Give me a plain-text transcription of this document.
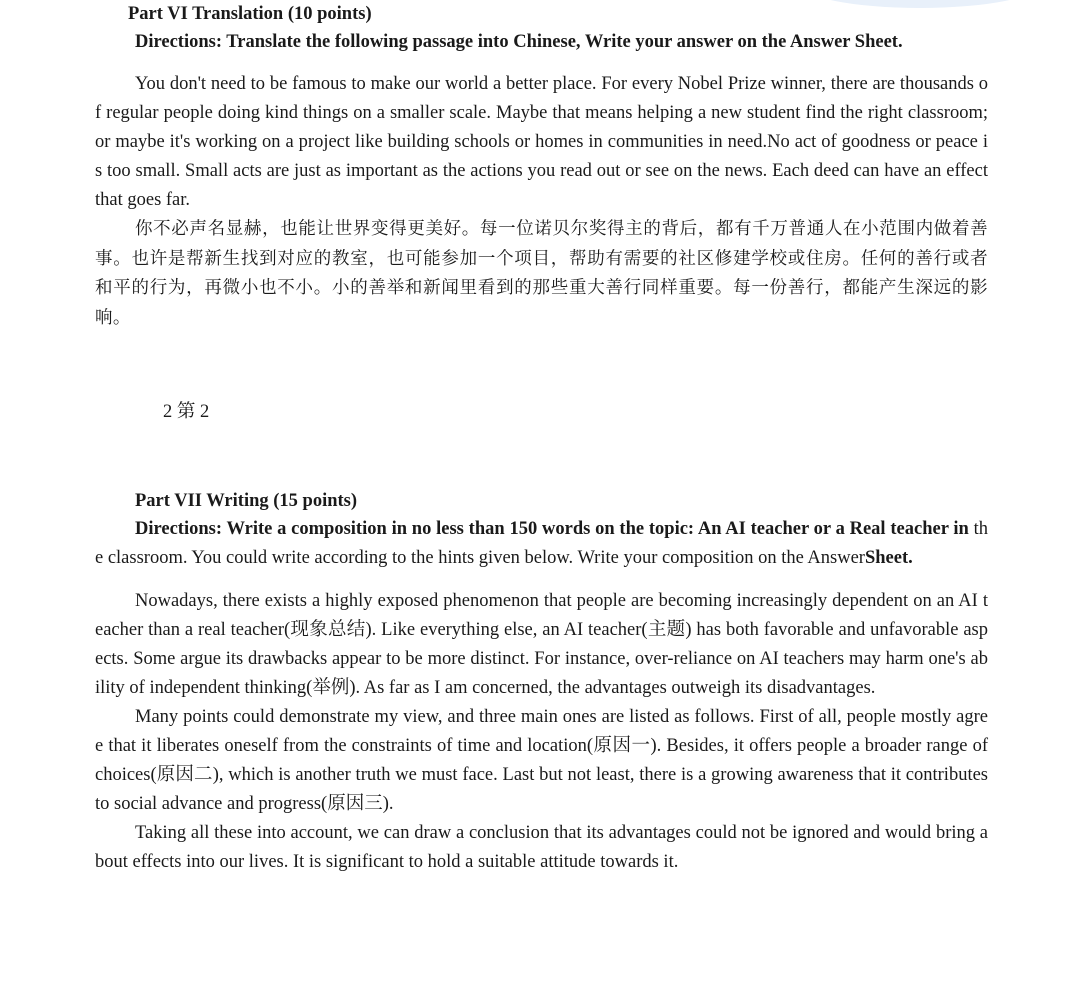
Part VI Translation (10 points)
Directions: Translate the following passage into Chinese, Write your answer on the Answer Sheet.

You don't need to be famous to make our world a better place. For every Nobel Prize winner, there are thousands of regular people doing kind things on a smaller scale. Maybe that means helping a new student find the right classroom; or maybe it's working on a project like building schools or homes in communities in need.No act of goodness or peace is too small. Small acts are just as important as the actions you read out or see on the news. Each deed can have an effect that goes far.

你不必声名显赫，也能让世界变得更美好。每一位诺贝尔奖得主的背后，都有千万普通人在小范围内做着善事。也许是帮新生找到对应的教室，也可能参加一个项目，帮助有需要的社区修建学校或住房。任何的善行或者和平的行为，再微小也不小。小的善举和新闻里看到的那些重大善行同样重要。每一份善行，都能产生深远的影响。

2 第 2
Part VII Writing (15 points)

Directions: Write a composition in no less than 150 words on the topic: An AI teacher or a Real teacher in the classroom. You could write according to the hints given below. Write your composition on the AnswerSheet.

Nowadays, there exists a highly exposed phenomenon that people are becoming increasingly dependent on an AI teacher than a real teacher(现象总结). Like everything else, an AI teacher(主题) has both favorable and unfavorable aspects. Some argue its drawbacks appear to be more distinct. For instance, over-reliance on AI teachers may harm one's ability of independent thinking(举例). As far as I am concerned, the advantages outweigh its disadvantages.

Many points could demonstrate my view, and three main ones are listed as follows. First of all, people mostly agree that it liberates oneself from the constraints of time and location(原因一). Besides, it offers people a broader range of choices(原因二), which is another truth we must face. Last but not least, there is a growing awareness that it contributes to social advance and progress(原因三).

Taking all these into account, we can draw a conclusion that its advantages could not be ignored and would bring about effects into our lives. It is significant to hold a suitable attitude towards it.
